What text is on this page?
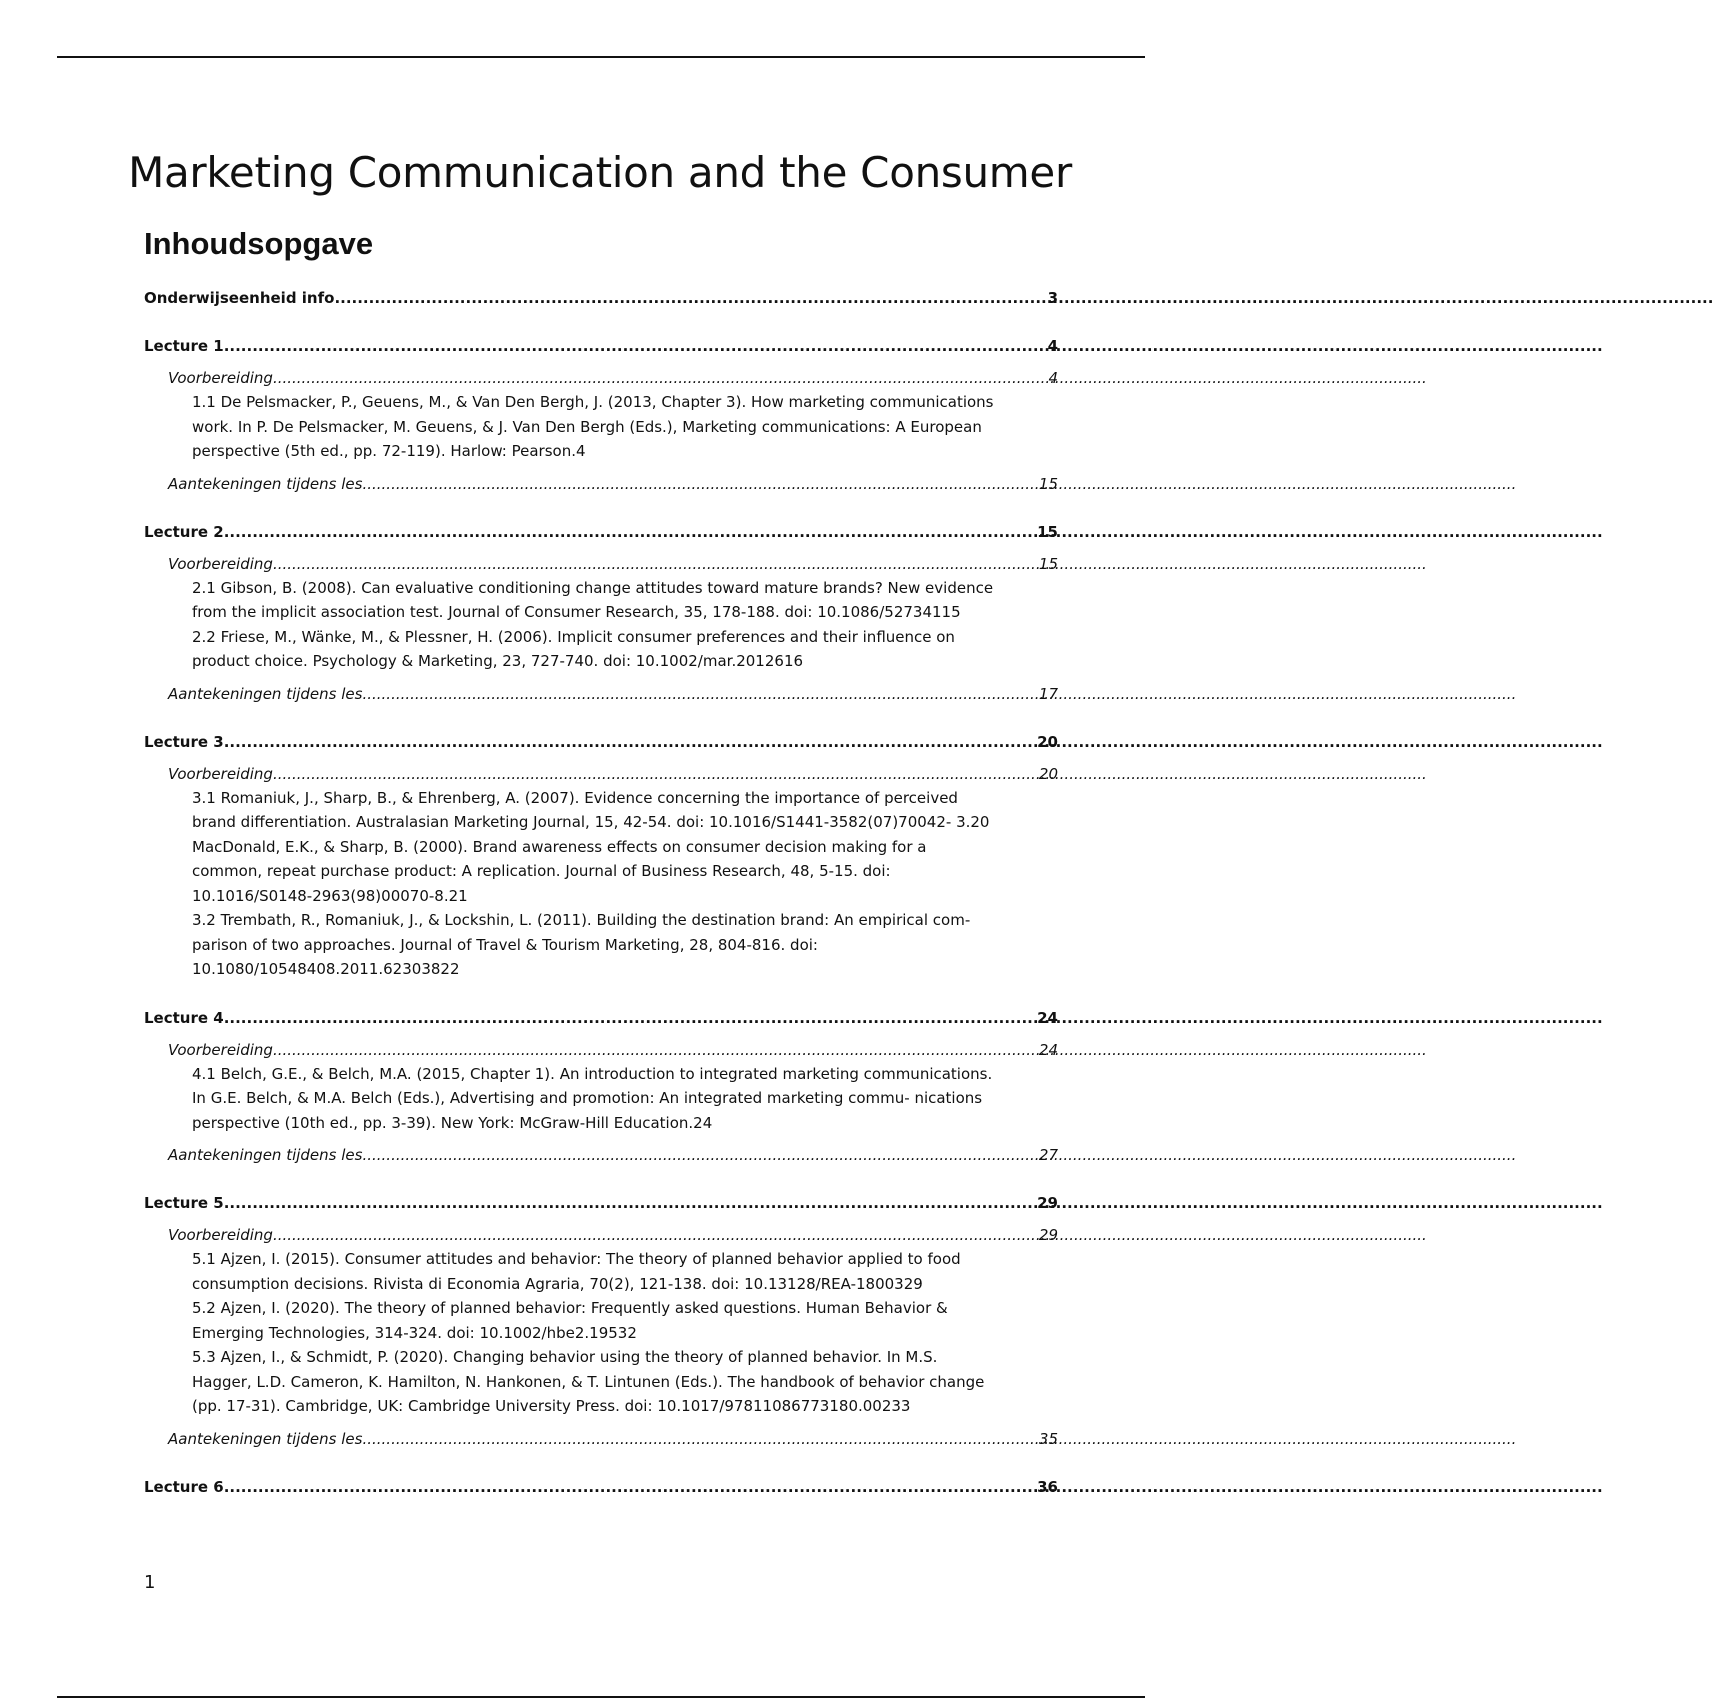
Marketing Communication and the Consumer
Inhoudsopgave
Onderwijseenheid info .....	3
Lecture 1 .....	4
Voorbereiding .....	4
1.1 De Pelsmacker, P., Geuens, M., & Van Den Bergh, J. (2013, Chapter 3). How marketing communications
work. In P. De Pelsmacker, M. Geuens, & J. Van Den Bergh (Eds.), Marketing communications: A European
perspective (5th ed., pp. 72-119). Harlow: Pearson. 4
Aantekeningen tijdens les .....	15
Lecture 2 .....	15
Voorbereiding .....	15
2.1 Gibson, B. (2008). Can evaluative conditioning change attitudes toward mature brands? New evidence
from the implicit association test. Journal of Consumer Research, 35, 178-188. doi: 10.1086/527341 15
2.2 Friese, M., Wänke, M., & Plessner, H. (2006). Implicit consumer preferences and their influence on
product choice. Psychology & Marketing, 23, 727-740. doi: 10.1002/mar.20126 16
Aantekeningen tijdens les .....	17
Lecture 3 .....	20
Voorbereiding .....	20
3.1 Romaniuk, J., Sharp, B., & Ehrenberg, A. (2007). Evidence concerning the importance of perceived
brand differentiation. Australasian Marketing Journal, 15, 42-54. doi: 10.1016/S1441-3582(07)70042- 3. 20
MacDonald, E.K., & Sharp, B. (2000). Brand awareness effects on consumer decision making for a
common, repeat purchase product: A replication. Journal of Business Research, 48, 5-15. doi:
10.1016/S0148-2963(98)00070-8. 21
3.2 Trembath, R., Romaniuk, J., & Lockshin, L. (2011). Building the destination brand: An empirical com-
parison of two approaches. Journal of Travel & Tourism Marketing, 28, 804-816. doi:
10.1080/10548408.2011.623038 22
Lecture 4 .....	24
Voorbereiding .....	24
4.1 Belch, G.E., & Belch, M.A. (2015, Chapter 1). An introduction to integrated marketing communications.
In G.E. Belch, & M.A. Belch (Eds.), Advertising and promotion: An integrated marketing commu- nications
perspective (10th ed., pp. 3-39). New York: McGraw-Hill Education. 24
Aantekeningen tijdens les .....	27
Lecture 5 .....	29
Voorbereiding .....	29
5.1 Ajzen, I. (2015). Consumer attitudes and behavior: The theory of planned behavior applied to food
consumption decisions. Rivista di Economia Agraria, 70(2), 121-138. doi: 10.13128/REA-18003 29
5.2 Ajzen, I. (2020). The theory of planned behavior: Frequently asked questions. Human Behavior &
Emerging Technologies, 314-324. doi: 10.1002/hbe2.195 32
5.3 Ajzen, I., & Schmidt, P. (2020). Changing behavior using the theory of planned behavior. In M.S.
Hagger, L.D. Cameron, K. Hamilton, N. Hankonen, & T. Lintunen (Eds.). The handbook of behavior change
(pp. 17-31). Cambridge, UK: Cambridge University Press. doi: 10.1017/97811086773180.002 33
Aantekeningen tijdens les .....	35
Lecture 6 .....	36
1
